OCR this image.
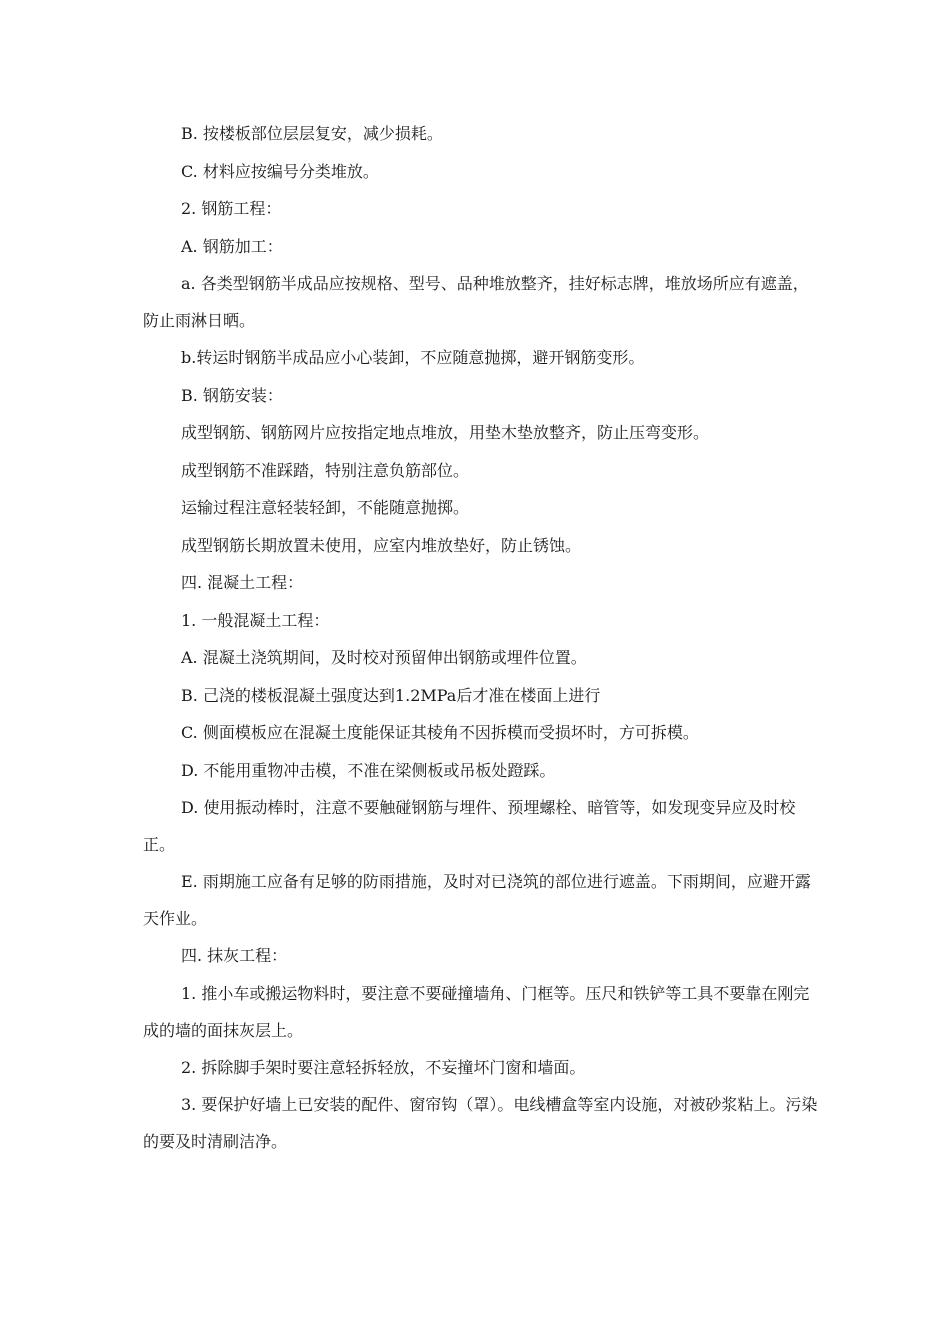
B. 按楼板部位层层复安，减少损耗。

C. 材料应按编号分类堆放。

2. 钢筋工程：

A. 钢筋加工：

a. 各类型钢筋半成品应按规格、型号、品种堆放整齐，挂好标志牌，堆放场所应有遮盖，防止雨淋日晒。

b.转运时钢筋半成品应小心装卸，不应随意抛掷，避开钢筋变形。

B. 钢筋安装：

成型钢筋、钢筋网片应按指定地点堆放，用垫木垫放整齐，防止压弯变形。

成型钢筋不准踩踏，特别注意负筋部位。

运输过程注意轻装轻卸，不能随意抛掷。

成型钢筋长期放置未使用，应室内堆放垫好，防止锈蚀。

四. 混凝土工程：

1. 一般混凝土工程：

A. 混凝土浇筑期间，及时校对预留伸出钢筋或埋件位置。

B. 己浇的楼板混凝土强度达到1.2MPa后才准在楼面上进行

C. 侧面模板应在混凝土度能保证其棱角不因拆模而受损坏时，方可拆模。

D. 不能用重物冲击模，不准在梁侧板或吊板处蹬踩。

D. 使用振动棒时，注意不要触碰钢筋与埋件、预埋螺栓、暗管等，如发现变异应及时校正。

E. 雨期施工应备有足够的防雨措施，及时对已浇筑的部位进行遮盖。下雨期间，应避开露天作业。

四. 抹灰工程：

1. 推小车或搬运物料时，要注意不要碰撞墙角、门框等。压尺和铁铲等工具不要靠在刚完成的墙的面抹灰层上。

2. 拆除脚手架时要注意轻拆轻放，不妄撞坏门窗和墙面。

3. 要保护好墙上已安装的配件、窗帘钩（罩）。电线槽盒等室内设施，对被砂浆粘上。污染的要及时清刷洁净。
